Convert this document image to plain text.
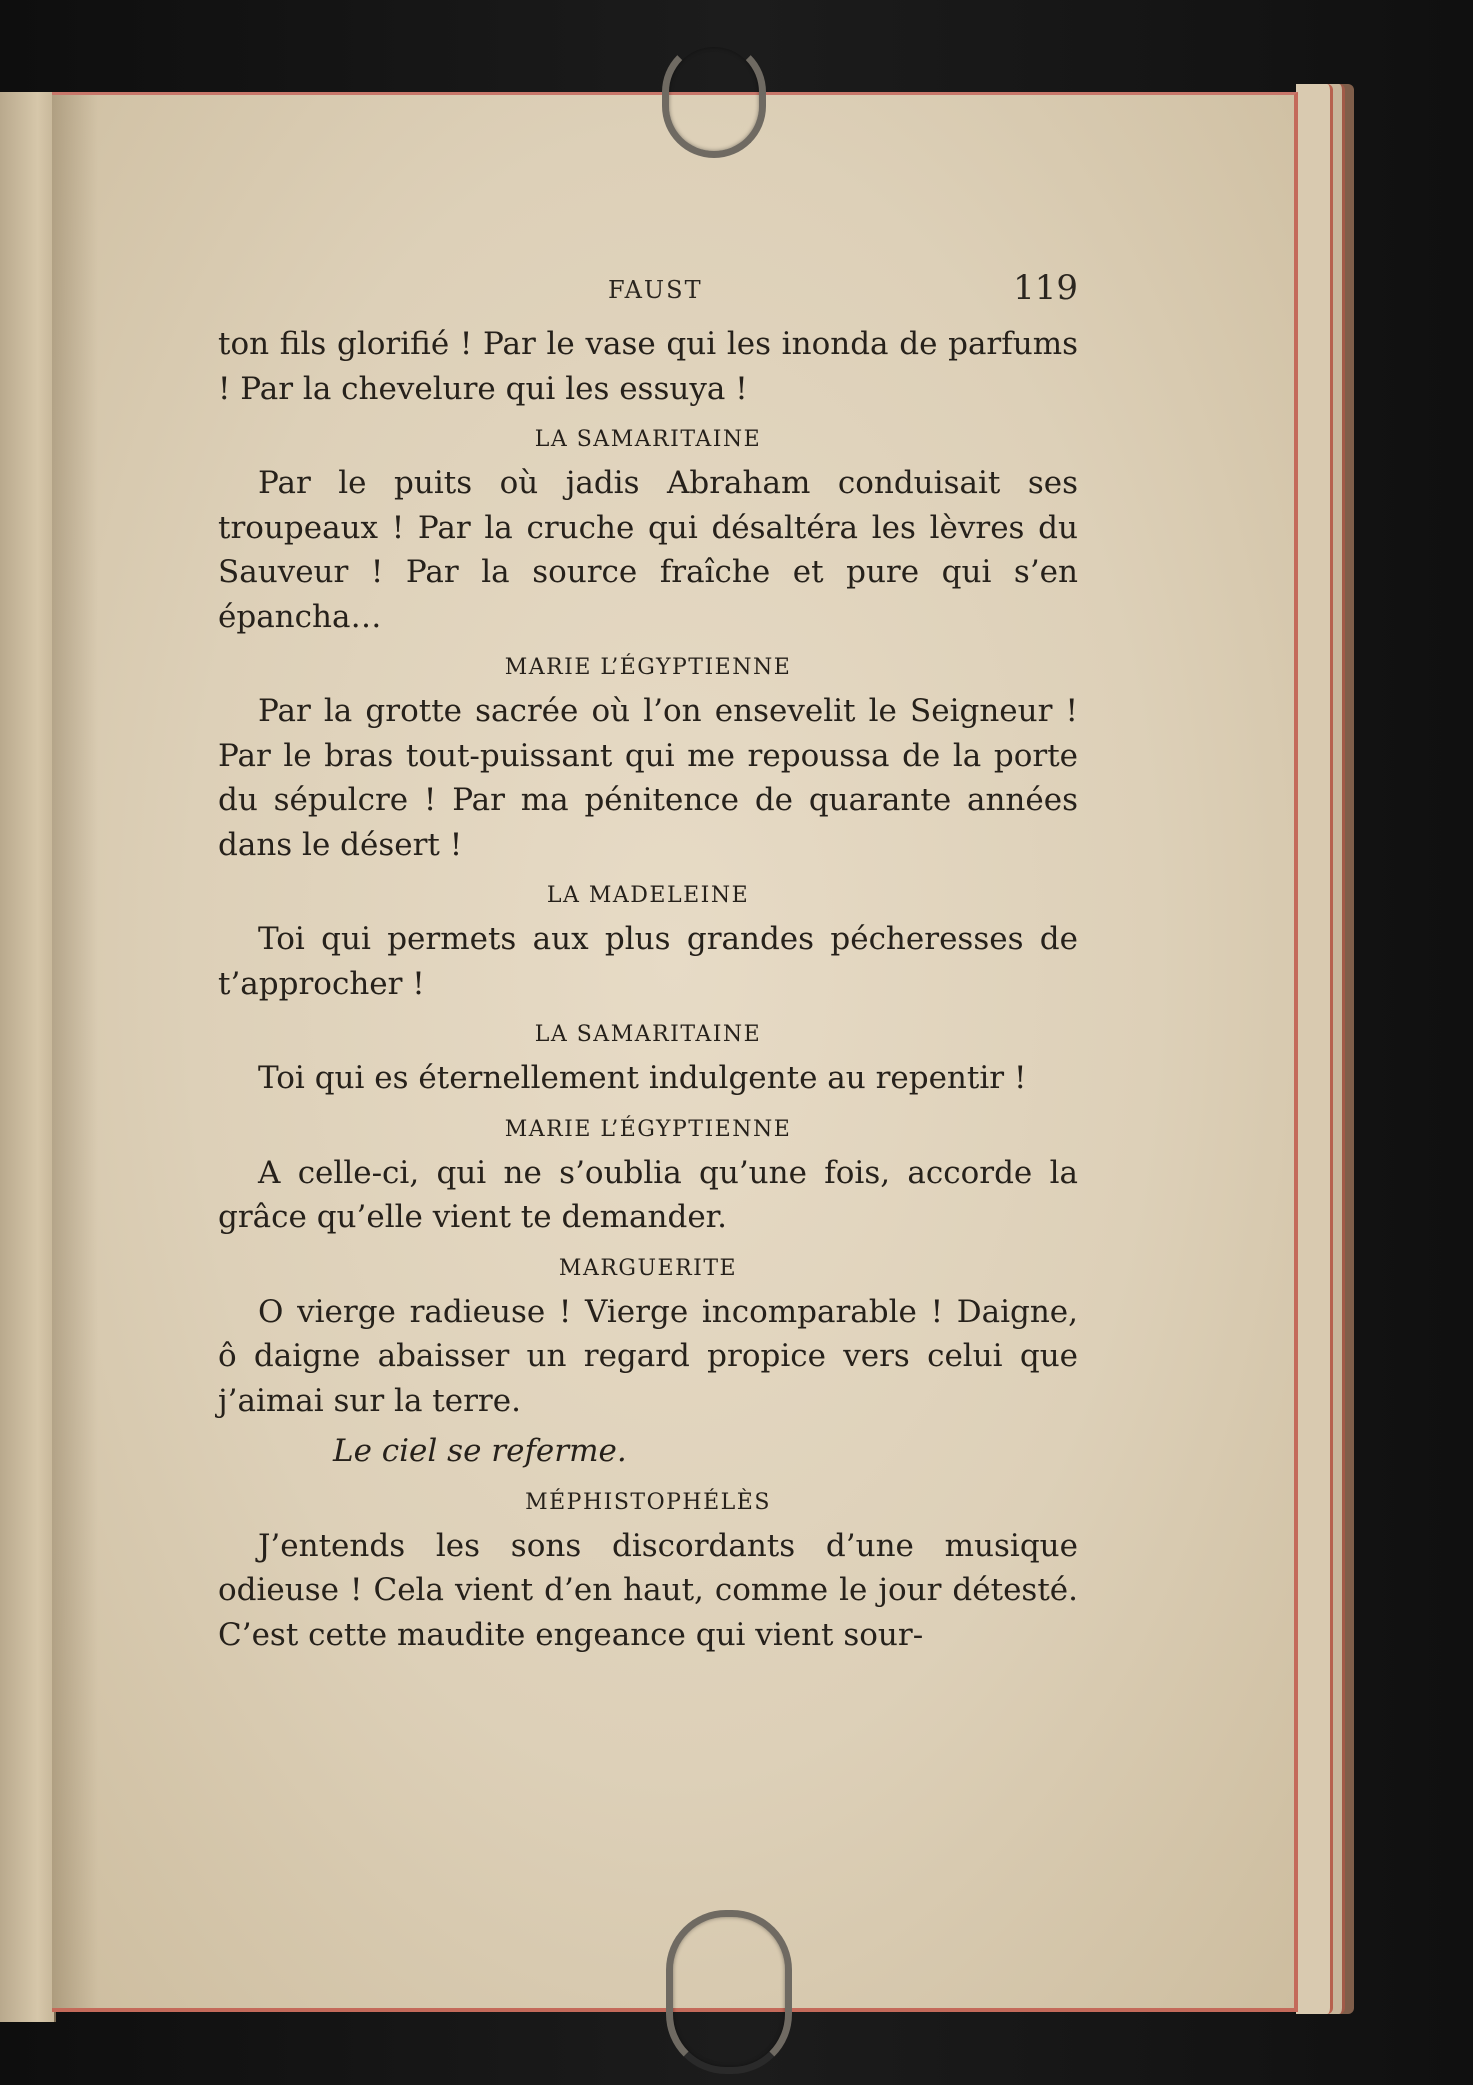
FAUST	119

ton fils glorifié ! Par le vase qui les inonda de parfums ! Par la chevelure qui les essuya !

LA SAMARITAINE

Par le puits où jadis Abraham conduisait ses troupeaux ! Par la cruche qui désaltéra les lèvres du Sauveur ! Par la source fraîche et pure qui s’en épancha…

MARIE L’ÉGYPTIENNE

Par la grotte sacrée où l’on ensevelit le Seigneur ! Par le bras tout-puissant qui me repoussa de la porte du sépulcre ! Par ma pénitence de quarante années dans le désert !

LA MADELEINE

Toi qui permets aux plus grandes pécheresses de t’approcher !

LA SAMARITAINE

Toi qui es éternellement indulgente au repentir !

MARIE L’ÉGYPTIENNE

A celle-ci, qui ne s’oublia qu’une fois, accorde la grâce qu’elle vient te demander.

MARGUERITE

O vierge radieuse ! Vierge incomparable ! Daigne, ô daigne abaisser un regard propice vers celui que j’aimai sur la terre.

Le ciel se referme.

MÉPHISTOPHÉLÈS

J’entends les sons discordants d’une musique odieuse ! Cela vient d’en haut, comme le jour détesté. C’est cette maudite engeance qui vient sour-
